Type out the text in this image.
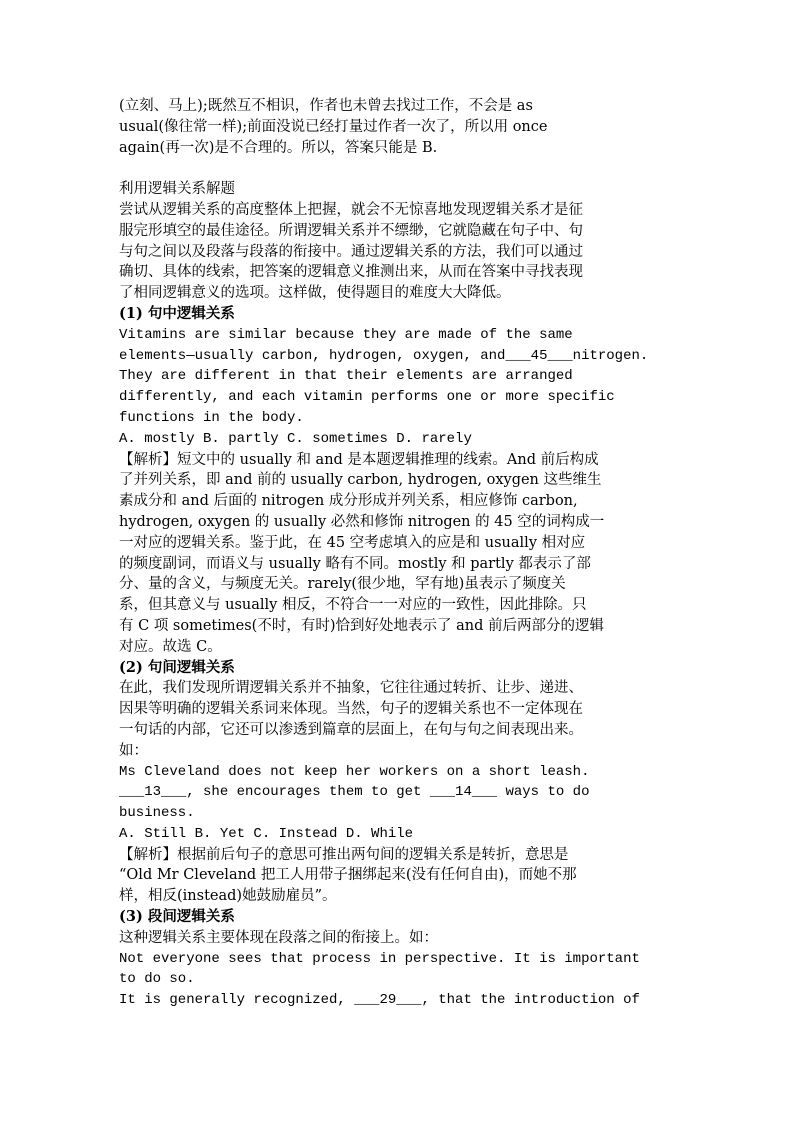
(立刻、马上);既然互不相识，作者也未曾去找过工作，不会是 as

usual(像往常一样);前面没说已经打量过作者一次了，所以用 once

again(再一次)是不合理的。所以，答案只能是 B.

利用逻辑关系解题

尝试从逻辑关系的高度整体上把握，就会不无惊喜地发现逻辑关系才是征

服完形填空的最佳途径。所谓逻辑关系并不缥缈，它就隐藏在句子中、句

与句之间以及段落与段落的衔接中。通过逻辑关系的方法，我们可以通过

确切、具体的线索，把答案的逻辑意义推测出来，从而在答案中寻找表现

了相同逻辑意义的选项。这样做，使得题目的难度大大降低。

(1) 句中逻辑关系

Vitamins are similar because they are made of the same

elements—usually carbon, hydrogen, oxygen, and___45___nitrogen.

They are different in that their elements are arranged

differently, and each vitamin performs one or more specific

functions in the body.

A. mostly B. partly C. sometimes D. rarely

【解析】短文中的 usually 和 and 是本题逻辑推理的线索。And 前后构成

了并列关系，即 and 前的 usually carbon, hydrogen, oxygen 这些维生

素成分和 and 后面的 nitrogen 成分形成并列关系，相应修饰 carbon,

hydrogen, oxygen 的 usually 必然和修饰 nitrogen 的 45 空的词构成一

一对应的逻辑关系。鉴于此，在 45 空考虑填入的应是和 usually 相对应

的频度副词，而语义与 usually 略有不同。mostly 和 partly 都表示了部

分、量的含义，与频度无关。rarely(很少地，罕有地)虽表示了频度关

系，但其意义与 usually 相反，不符合一一对应的一致性，因此排除。只

有 C 项 sometimes(不时，有时)恰到好处地表示了 and 前后两部分的逻辑

对应。故选 C。

(2) 句间逻辑关系

在此，我们发现所谓逻辑关系并不抽象，它往往通过转折、让步、递进、

因果等明确的逻辑关系词来体现。当然，句子的逻辑关系也不一定体现在

一句话的内部，它还可以渗透到篇章的层面上，在句与句之间表现出来。

如：

Ms Cleveland does not keep her workers on a short leash.

___13___, she encourages them to get ___14___ ways to do

business.

A. Still B. Yet C. Instead D. While

【解析】根据前后句子的意思可推出两句间的逻辑关系是转折，意思是

“Old Mr Cleveland 把工人用带子捆绑起来(没有任何自由)，而她不那

样，相反(instead)她鼓励雇员”。

(3) 段间逻辑关系

这种逻辑关系主要体现在段落之间的衔接上。如：

Not everyone sees that process in perspective. It is important

to do so.

It is generally recognized, ___29___, that the introduction of
